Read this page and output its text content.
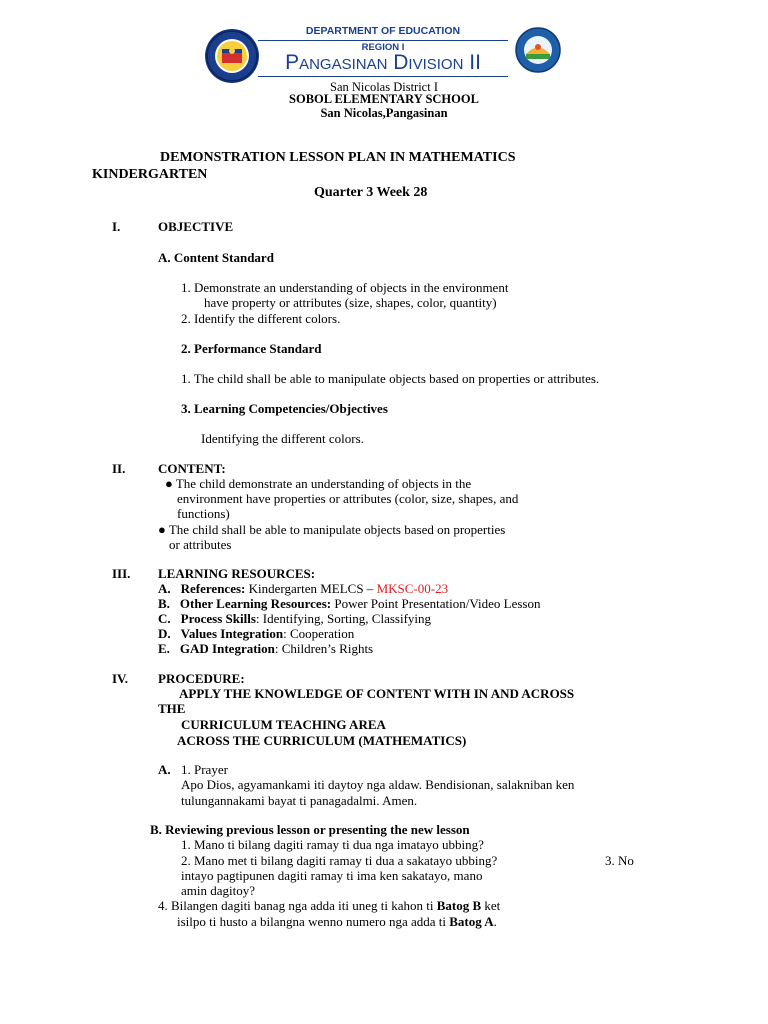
DEPARTMENT OF EDUCATION
REGION I
Pangasinan Division II
San Nicolas District I
SOBOL ELEMENTARY SCHOOL
San Nicolas,Pangasinan
DEMONSTRATION LESSON PLAN IN MATHEMATICS
KINDERGARTEN
Quarter 3 Week 28
I.	OBJECTIVE
A. Content Standard
1. Demonstrate an understanding of objects in the environment
have property or attributes (size, shapes, color, quantity)
2. Identify the different colors.
2. Performance Standard
1. The child shall be able to manipulate objects based on properties or attributes.
3. Learning Competencies/Objectives
Identifying the different colors.
II.	CONTENT:
● The child demonstrate an understanding of objects in the
environment have properties or attributes (color, size, shapes, and
functions)
● The child shall be able to manipulate objects based on properties
or attributes
III. LEARNING RESOURCES:
A. References: Kindergarten MELCS – MKSC-00-23
B. Other Learning Resources: Power Point Presentation/Video Lesson
C. Process Skills: Identifying, Sorting, Classifying
D. Values Integration: Cooperation
E. GAD Integration: Children’s Rights
IV. PROCEDURE:
APPLY THE KNOWLEDGE OF CONTENT WITH IN AND ACROSS
THE
CURRICULUM TEACHING AREA
ACROSS THE CURRICULUM (MATHEMATICS)
A. 1. Prayer
Apo Dios, agyamankami iti daytoy nga aldaw. Bendisionan, salakniban ken
tulungannakami bayat ti panagadalmi. Amen.
B. Reviewing previous lesson or presenting the new lesson
1. Mano ti bilang dagiti ramay ti dua nga imatayo ubbing?
2. Mano met ti bilang dagiti ramay ti dua a sakatayo ubbing?	3. No
intayo pagtipunen dagiti ramay ti ima ken sakatayo, mano
amin dagitoy?
4. Bilangen dagiti banag nga adda iti uneg ti kahon ti Batog B ket
isilpo ti husto a bilangna wenno numero nga adda ti Batog A.
